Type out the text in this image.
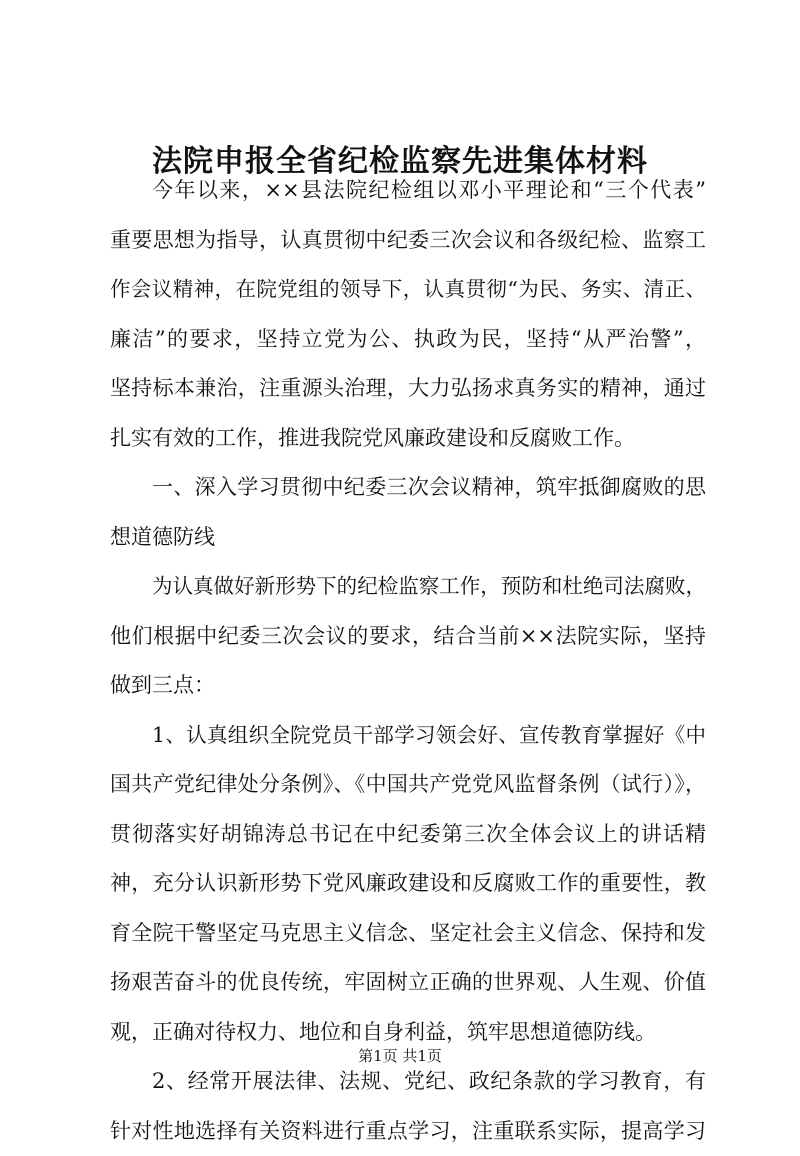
法院申报全省纪检监察先进集体材料
今年以来，××县法院纪检组以邓小平理论和“三个代表”
重要思想为指导，认真贯彻中纪委三次会议和各级纪检、监察工
作会议精神，在院党组的领导下，认真贯彻“为民、务实、清正、
廉洁”的要求，坚持立党为公、执政为民，坚持“从严治警”，
坚持标本兼治，注重源头治理，大力弘扬求真务实的精神，通过
扎实有效的工作，推进我院党风廉政建设和反腐败工作。
一、深入学习贯彻中纪委三次会议精神，筑牢抵御腐败的思
想道德防线
为认真做好新形势下的纪检监察工作，预防和杜绝司法腐败，
他们根据中纪委三次会议的要求，结合当前××法院实际，坚持
做到三点：
1、认真组织全院党员干部学习领会好、宣传教育掌握好《中
国共产党纪律处分条例》、《中国共产党党风监督条例（试行）》，
贯彻落实好胡锦涛总书记在中纪委第三次全体会议上的讲话精
神，充分认识新形势下党风廉政建设和反腐败工作的重要性，教
育全院干警坚定马克思主义信念、坚定社会主义信念、保持和发
扬艰苦奋斗的优良传统，牢固树立正确的世界观、人生观、价值
观，正确对待权力、地位和自身利益，筑牢思想道德防线。
2、经常开展法律、法规、党纪、政纪条款的学习教育，有
针对性地选择有关资料进行重点学习，注重联系实际，提高学习
第1页 共1页
